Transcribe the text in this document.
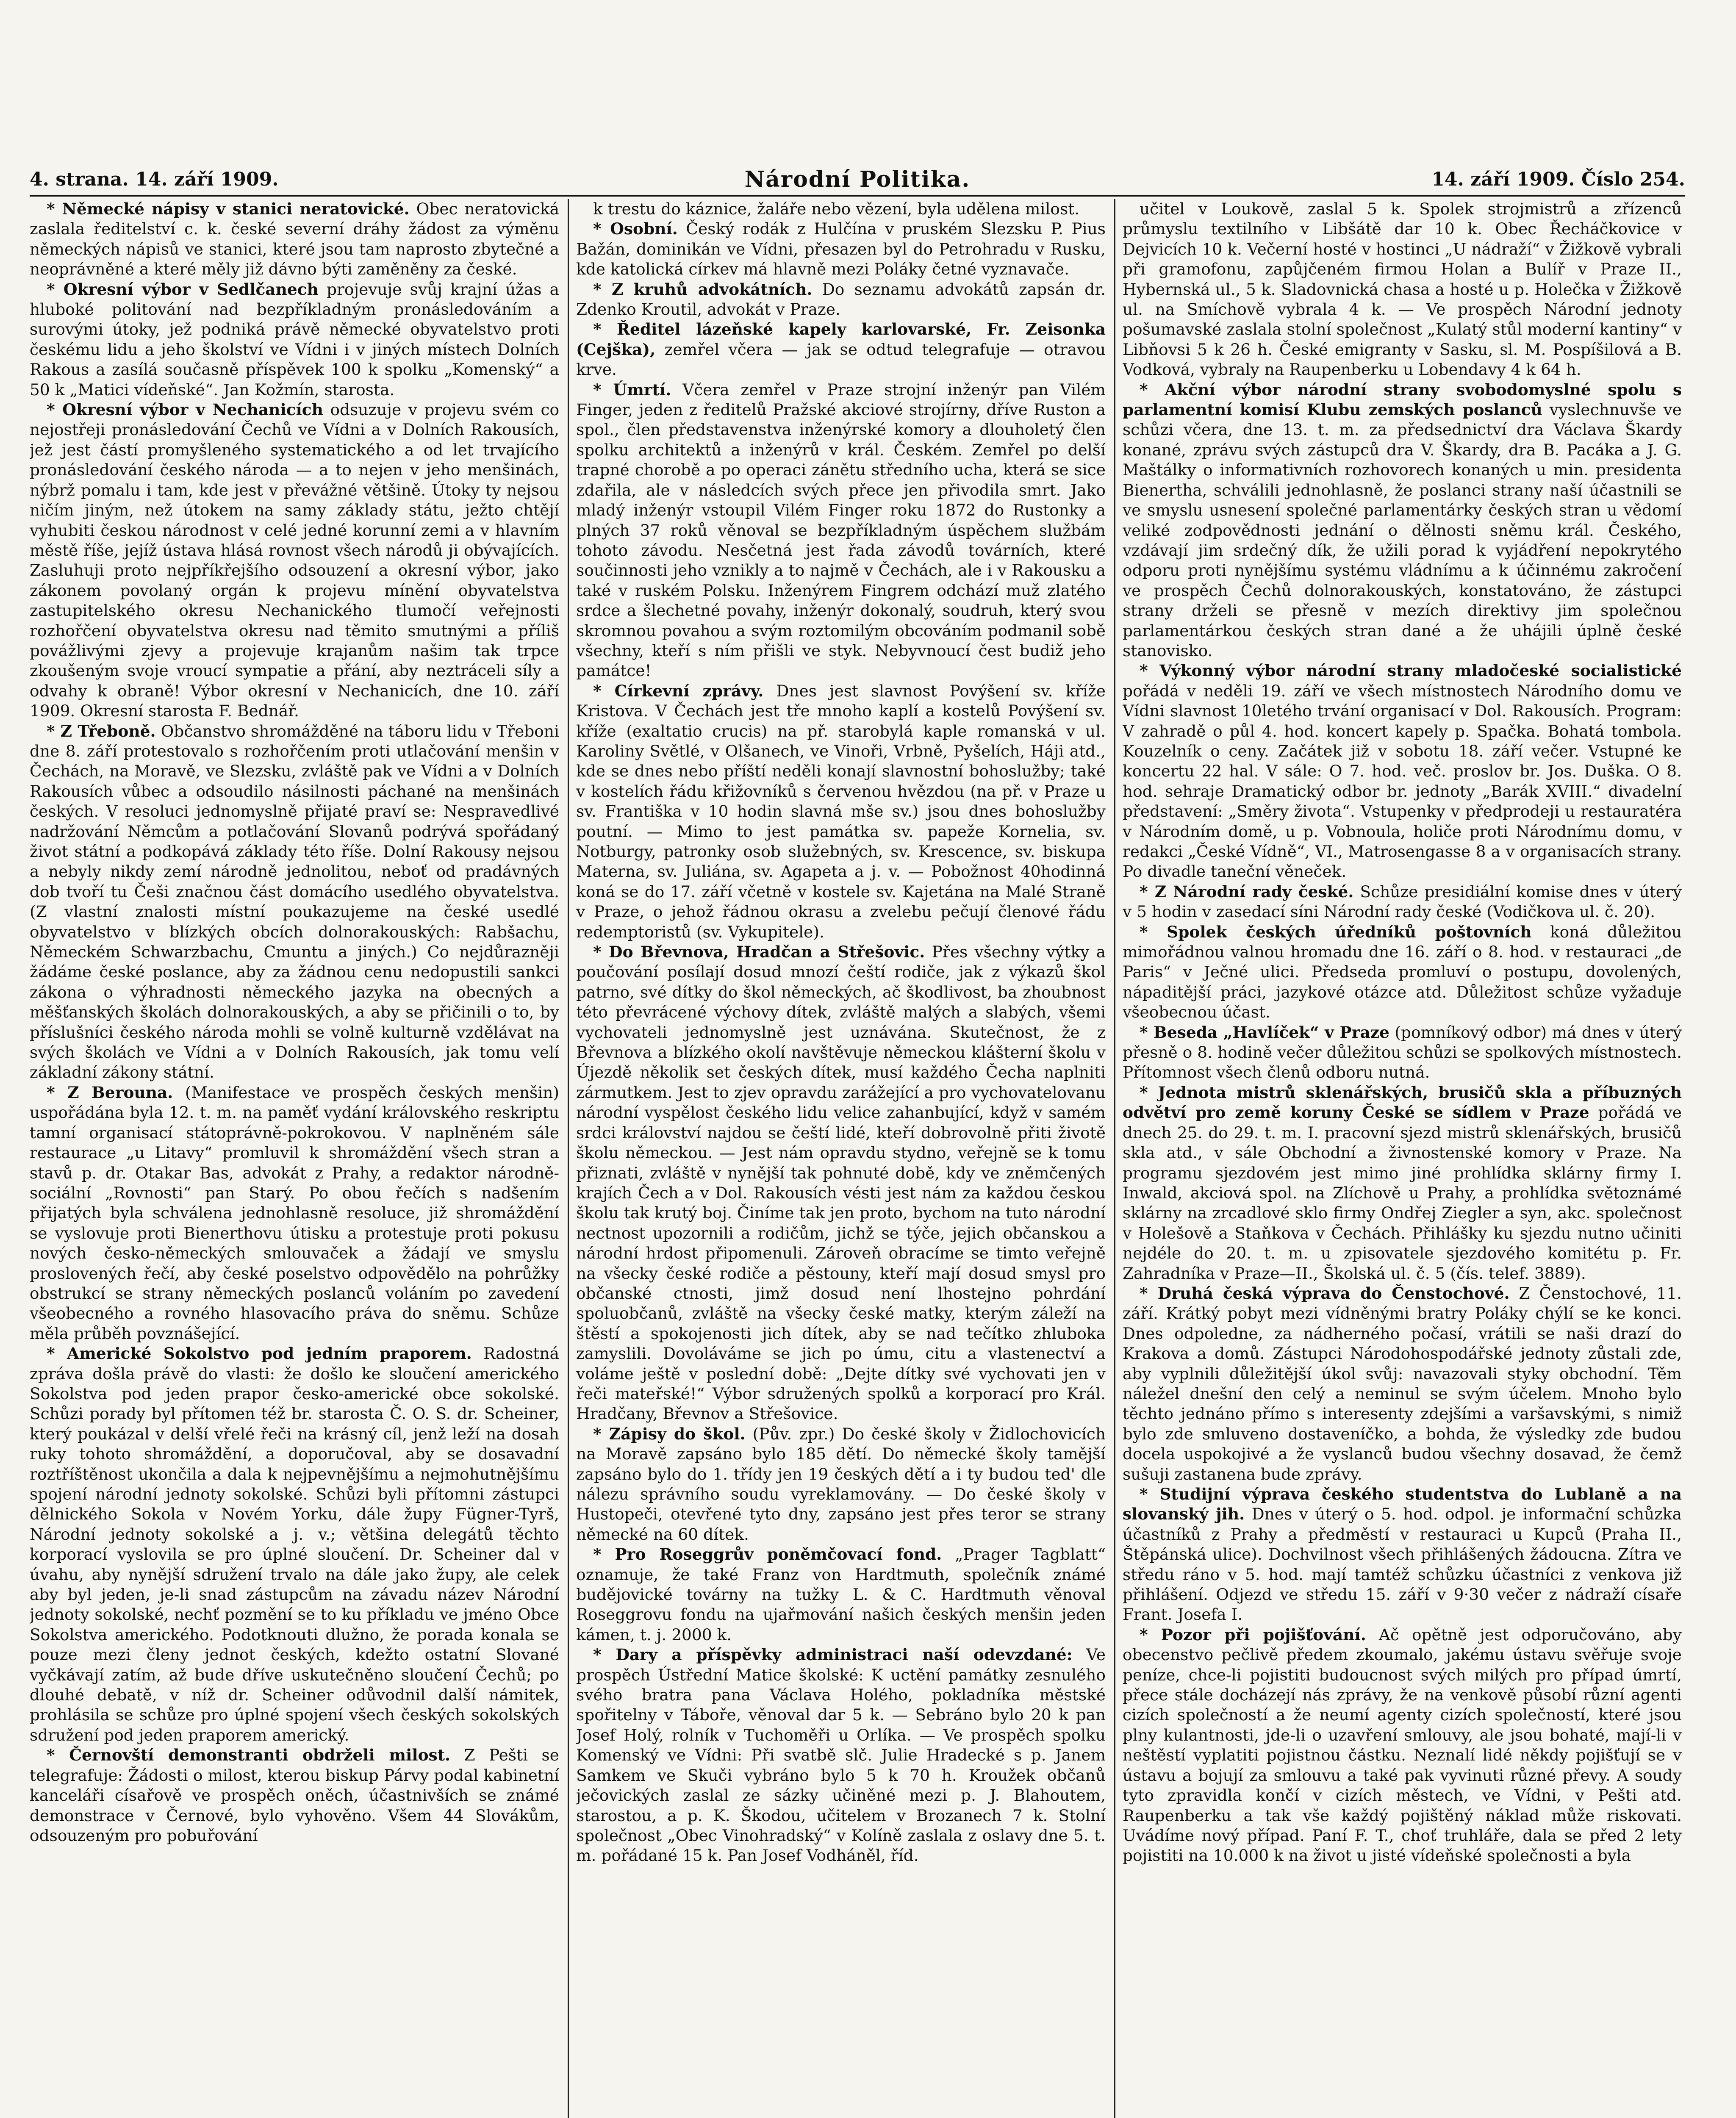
4. strana. 14. září 1909.	Národní Politika.	14. září 1909. Číslo 254.

* Německé nápisy v stanici neratovické. Obec neratovická zaslala ředitelství c. k. české severní dráhy žádost za výměnu německých nápisů ve stanici, které jsou tam naprosto zbytečné a neoprávněné a které měly již dávno býti zaměněny za české.

* Okresní výbor v Sedlčanech projevuje svůj krajní úžas a hluboké politování nad bezpříkladným pronásledováním a surovými útoky, jež podniká právě německé obyvatelstvo proti českému lidu a jeho školství ve Vídni i v jiných místech Dolních Rakous a zasílá současně příspěvek 100 k spolku „Komenský“ a 50 k „Matici vídeňské“. Jan Kožmín, starosta.

* Okresní výbor v Nechanicích odsuzuje v projevu svém co nejostřeji pronásledování Čechů ve Vídni a v Dolních Rakousích, jež jest částí promyšleného systematického a od let trvajícího pronásledování českého národa — a to nejen v jeho menšinách, nýbrž pomalu i tam, kde jest v převážné většině. Útoky ty nejsou ničím jiným, než útokem na samy základy státu, ježto chtějí vyhubiti českou národnost v celé jedné korunní zemi a v hlavním městě říše, jejíž ústava hlásá rovnost všech národů ji obývajících. Zasluhuji proto nejpříkřejšího odsouzení a okresní výbor, jako zákonem povolaný orgán k projevu mínění obyvatelstva zastupitelského okresu Nechanického tlumočí veřejnosti rozhořčení obyvatelstva okresu nad těmito smutnými a příliš povážlivými zjevy a projevuje krajanům našim tak trpce zkoušeným svoje vroucí sympatie a přání, aby neztráceli síly a odvahy k obraně! Výbor okresní v Nechanicích, dne 10. září 1909. Okresní starosta F. Bednář.

* Z Třeboně. Občanstvo shromážděné na táboru lidu v Třeboni dne 8. září protestovalo s rozhořčením proti utlačování menšin v Čechách, na Moravě, ve Slezsku, zvláště pak ve Vídni a v Dolních Rakousích vůbec a odsoudilo násilnosti páchané na menšinách českých. V resoluci jednomyslně přijaté praví se: Nespravedlivé nadržování Němcům a potlačování Slovanů podrývá spořádaný život státní a podkopává základy této říše. Dolní Rakousy nejsou a nebyly nikdy zemí národně jednolitou, neboť od pradávných dob tvoří tu Češi značnou část domácího usedlého obyvatelstva. (Z vlastní znalosti místní poukazujeme na české usedlé obyvatelstvo v blízkých obcích dolnorakouských: Rabšachu, Německém Schwarzbachu, Cmuntu a jiných.) Co nejdůrazněji žádáme české poslance, aby za žádnou cenu nedopustili sankci zákona o výhradnosti německého jazyka na obecných a měšťanských školách dolnorakouských, a aby se přičinili o to, by příslušníci českého národa mohli se volně kulturně vzdělávat na svých školách ve Vídni a v Dolních Rakousích, jak tomu velí základní zákony státní.

* Z Berouna. (Manifestace ve prospěch českých menšin) uspořádána byla 12. t. m. na paměť vydání královského reskriptu tamní organisací státoprávně-pokrokovou. V naplněném sále restaurace „u Litavy“ promluvil k shromáždění všech stran a stavů p. dr. Otakar Bas, advokát z Prahy, a redaktor národně-sociální „Rovnosti“ pan Starý. Po obou řečích s nadšením přijatých byla schválena jednohlasně resoluce, již shromáždění se vyslovuje proti Bienerthovu útisku a protestuje proti pokusu nových česko-německých smlouvaček a žádají ve smyslu proslovených řečí, aby české poselstvo odpovědělo na pohrůžky obstrukcí se strany německých poslanců voláním po zavedení všeobecného a rovného hlasovacího práva do sněmu. Schůze měla průběh povznášející.

* Americké Sokolstvo pod jedním praporem. Radostná zpráva došla právě do vlasti: že došlo ke sloučení amerického Sokolstva pod jeden prapor česko-americké obce sokolské. Schůzi porady byl přítomen též br. starosta Č. O. S. dr. Scheiner, který poukázal v delší vřelé řeči na krásný cíl, jenž leží na dosah ruky tohoto shromáždění, a doporučoval, aby se dosavadní roztříštěnost ukončila a dala k nejpevnějšímu a nejmohutnějšímu spojení národní jednoty sokolské. Schůzi byli přítomni zástupci dělnického Sokola v Novém Yorku, dále župy Fügner-Tyrš, Národní jednoty sokolské a j. v.; většina delegátů těchto korporací vyslovila se pro úplné sloučení. Dr. Scheiner dal v úvahu, aby nynější sdružení trvalo na dále jako župy, ale celek aby byl jeden, je-li snad zástupcům na závadu název Národní jednoty sokolské, nechť pozmění se to ku příkladu ve jméno Obce Sokolstva amerického. Podotknouti dlužno, že porada konala se pouze mezi členy jednot českých, kdežto ostatní Slované vyčkávají zatím, až bude dříve uskutečněno sloučení Čechů; po dlouhé debatě, v níž dr. Scheiner odůvodnil další námitek, prohlásila se schůze pro úplné spojení všech českých sokolských sdružení pod jeden praporem americký.

* Černovští demonstranti obdrželi milost. Z Pešti se telegrafuje: Žádosti o milost, kterou biskup Párvy podal kabinetní kanceláři císařově ve prospěch oněch, účastnivších se známé demonstrace v Černové, bylo vyhověno. Všem 44 Slovákům, odsouzeným pro pobuřování

k trestu do káznice, žaláře nebo vězení, byla udělena milost.

* Osobní. Český rodák z Hulčína v pruském Slezsku P. Pius Bažán, dominikán ve Vídni, přesazen byl do Petrohradu v Rusku, kde katolická církev má hlavně mezi Poláky četné vyznavače.

* Z kruhů advokátních. Do seznamu advokátů zapsán dr. Zdenko Kroutil, advokát v Praze.

* Ředitel lázeňské kapely karlovarské, Fr. Zeisonka (Cejška), zemřel včera — jak se odtud telegrafuje — otravou krve.

* Úmrtí. Včera zemřel v Praze strojní inženýr pan Vilém Finger, jeden z ředitelů Pražské akciové strojírny, dříve Ruston a spol., člen představenstva inženýrské komory a dlouholetý člen spolku architektů a inženýrů v král. Českém. Zemřel po delší trapné chorobě a po operaci zánětu středního ucha, která se sice zdařila, ale v následcích svých přece jen přivodila smrt. Jako mladý inženýr vstoupil Vilém Finger roku 1872 do Rustonky a plných 37 roků věnoval se bezpříkladným úspěchem službám tohoto závodu. Nesčetná jest řada závodů továrních, které součinnosti jeho vznikly a to najmě v Čechách, ale i v Rakousku a také v ruském Polsku. Inženýrem Fingrem odchází muž zlatého srdce a šlechetné povahy, inženýr dokonalý, soudruh, který svou skromnou povahou a svým roztomilým obcováním podmanil sobě všechny, kteří s ním přišli ve styk. Nebyvnoucí čest budiž jeho památce!

* Církevní zprávy. Dnes jest slavnost Povýšení sv. kříže Kristova. V Čechách jest tře mnoho kaplí a kostelů Povýšení sv. kříže (exaltatio crucis) na př. starobylá kaple romanská v ul. Karoliny Světlé, v Olšanech, ve Vinoři, Vrbně, Pyšelích, Háji atd., kde se dnes nebo příští neděli konají slavnostní bohoslužby; také v kostelích řádu křižovníků s červenou hvězdou (na př. v Praze u sv. Františka v 10 hodin slavná mše sv.) jsou dnes bohoslužby poutní. — Mimo to jest památka sv. papeže Kornelia, sv. Notburgy, patronky osob služebných, sv. Krescence, sv. biskupa Materna, sv. Juliána, sv. Agapeta a j. v. — Pobožnost 40hodinná koná se do 17. září včetně v kostele sv. Kajetána na Malé Straně v Praze, o jehož řádnou okrasu a zvelebu pečují členové řádu redemptoristů (sv. Vykupitele).

* Do Břevnova, Hradčan a Střešovic. Přes všechny výtky a poučování posílají dosud mnozí čeští rodiče, jak z výkazů škol patrno, své dítky do škol německých, ač škodlivost, ba zhoubnost této převrácené výchovy dítek, zvláště malých a slabých, všemi vychovateli jednomyslně jest uznávána. Skutečnost, že z Břevnova a blízkého okolí navštěvuje německou klášterní školu v Újezdě několik set českých dítek, musí každého Čecha naplniti zármutkem. Jest to zjev opravdu zarážející a pro vychovatelovanu národní vyspělost českého lidu velice zahanbující, když v samém srdci království najdou se čeští lidé, kteří dobrovolně přiti životě školu německou. — Jest nám opravdu stydno, veřejně se k tomu přiznati, zvláště v nynější tak pohnuté době, kdy ve zněmčených krajích Čech a v Dol. Rakousích vésti jest nám za každou českou školu tak krutý boj. Činíme tak jen proto, bychom na tuto národní nectnost upozornili a rodičům, jichž se týče, jejich občanskou a národní hrdost připomenuli. Zároveň obracíme se timto veřejně na všecky české rodiče a pěstouny, kteří mají dosud smysl pro občanské ctnosti, jimž dosud není lhostejno pohrdání spoluobčanů, zvláště na všecky české matky, kterým záleží na štěstí a spokojenosti jich dítek, aby se nad tečítko zhluboka zamyslili. Dovoláváme se jich po úmu, citu a vlastenectví a voláme ještě v poslední době: „Dejte dítky své vychovati jen v řeči mateřské!“ Výbor sdružených spolků a korporací pro Král. Hradčany, Břevnov a Střešovice.

* Zápisy do škol. (Pův. zpr.) Do české školy v Židlochovicích na Moravě zapsáno bylo 185 dětí. Do německé školy tamější zapsáno bylo do 1. třídy jen 19 českých dětí a i ty budou ted' dle nálezu správního soudu vyreklamovány. — Do české školy v Hustopeči, otevřené tyto dny, zapsáno jest přes teror se strany německé na 60 dítek.

* Pro Roseggrův poněmčovací fond. „Prager Tagblatt“ oznamuje, že také Franz von Hardtmuth, společník známé budějovické továrny na tužky L. & C. Hardtmuth věnoval Roseggrovu fondu na ujařmování našich českých menšin jeden kámen, t. j. 2000 k.

* Dary a příspěvky administraci naší odevzdané: Ve prospěch Ústřední Matice školské: K uctění památky zesnulého svého bratra pana Václava Holého, pokladníka městské spořitelny v Táboře, věnoval dar 5 k. — Sebráno bylo 20 k pan Josef Holý, rolník v Tuchoměři u Orlíka. — Ve prospěch spolku Komenský ve Vídni: Při svatbě slč. Julie Hradecké s p. Janem Samkem ve Skuči vybráno bylo 5 k 70 h. Kroužek občanů ječovických zaslal ze sázky učiněné mezi p. J. Blahoutem, starostou, a p. K. Škodou, učitelem v Brozanech 7 k. Stolní společnost „Obec Vinohradský“ v Kolíně zaslala z oslavy dne 5. t. m. pořádané 15 k. Pan Josef Vodháněl, říd.

učitel v Loukově, zaslal 5 k. Spolek strojmistrů a zřízenců průmyslu textilního v Libšátě dar 10 k. Obec Řecháčkovice v Dejvicích 10 k. Večerní hosté v hostinci „U nádraží“ v Žižkově vybrali při gramofonu, zapůjčeném firmou Holan a Bulíř v Praze II., Hybernská ul., 5 k. Sladovnická chasa a hosté u p. Holečka v Žižkově ul. na Smíchově vybrala 4 k. — Ve prospěch Národní jednoty pošumavské zaslala stolní společnost „Kulatý stůl moderní kantiny“ v Libňovsi 5 k 26 h. České emigranty v Sasku, sl. M. Pospíšilová a B. Vodková, vybraly na Raupenberku u Lobendavy 4 k 64 h.

* Akční výbor národní strany svobodomyslné spolu s parlamentní komisí Klubu zemských poslanců vyslechnuvše ve schůzi včera, dne 13. t. m. za předsednictví dra Václava Škardy konané, zprávu svých zástupců dra V. Škardy, dra B. Pacáka a J. G. Maštálky o informativních rozhovorech konaných u min. presidenta Bienertha, schválili jednohlasně, že poslanci strany naší účastnili se ve smyslu usnesení společné parlamentárky českých stran u vědomí veliké zodpovědnosti jednání o dělnosti sněmu král. Českého, vzdávají jim srdečný dík, že užili porad k vyjádření nepokrytého odporu proti nynějšímu systému vládnímu a k účinnému zakročení ve prospěch Čechů dolnorakouských, konstatováno, že zástupci strany drželi se přesně v mezích direktivy jim společnou parlamentárkou českých stran dané a že uhájili úplně české stanovisko.

* Výkonný výbor národní strany mladočeské socialistické pořádá v neděli 19. září ve všech místnostech Národního domu ve Vídni slavnost 10letého trvání organisací v Dol. Rakousích. Program: V zahradě o půl 4. hod. koncert kapely p. Spačka. Bohatá tombola. Kouzelník o ceny. Začátek již v sobotu 18. září večer. Vstupné ke koncertu 22 hal. V sále: O 7. hod. več. proslov br. Jos. Duška. O 8. hod. sehraje Dramatický odbor br. jednoty „Barák XVIII.“ divadelní představení: „Směry života“. Vstupenky v předprodeji u restauratéra v Národním domě, u p. Vobnoula, holiče proti Národnímu domu, v redakci „České Vídně“, VI., Matrosengasse 8 a v organisacích strany. Po divadle taneční věneček.

* Z Národní rady české. Schůze presidiální komise dnes v úterý v 5 hodin v zasedací síni Národní rady české (Vodičkova ul. č. 20).

* Spolek českých úředníků poštovních koná důležitou mimořádnou valnou hromadu dne 16. září o 8. hod. v restauraci „de Paris“ v Ječné ulici. Předseda promluví o postupu, dovolených, nápaditější práci, jazykové otázce atd. Důležitost schůze vyžaduje všeobecnou účast.

* Beseda „Havlíček“ v Praze (pomníkový odbor) má dnes v úterý přesně o 8. hodině večer důležitou schůzi se spolkových místnostech. Přítomnost všech členů odboru nutná.

* Jednota mistrů sklenářských, brusičů skla a příbuzných odvětví pro země koruny České se sídlem v Praze pořádá ve dnech 25. do 29. t. m. I. pracovní sjezd mistrů sklenářských, brusičů skla atd., v sále Obchodní a živnostenské komory v Praze. Na programu sjezdovém jest mimo jiné prohlídka sklárny firmy I. Inwald, akciová spol. na Zlíchově u Prahy, a prohlídka světoznámé sklárny na zrcadlové sklo firmy Ondřej Ziegler a syn, akc. společnost v Holešově a Staňkova v Čechách. Přihlášky ku sjezdu nutno učiniti nejdéle do 20. t. m. u zpisovatele sjezdového komitétu p. Fr. Zahradníka v Praze—II., Školská ul. č. 5 (čís. telef. 3889).

* Druhá česká výprava do Čenstochové. Z Čenstochové, 11. září. Krátký pobyt mezi vídněnými bratry Poláky chýlí se ke konci. Dnes odpoledne, za nádherného počasí, vrátili se naši drazí do Krakova a domů. Zástupci Národohospodářské jednoty zůstali zde, aby vyplnili důležitější úkol svůj: navazovali styky obchodní. Těm náležel dnešní den celý a neminul se svým účelem. Mnoho bylo těchto jednáno přímo s interesenty zdejšími a varšavskými, s nimiž bylo zde smluveno dostaveníčko, a bohda, že výsledky zde budou docela uspokojivé a že vyslanců budou všechny dosavad, že čemž sušuji zastanena bude zprávy.

* Studijní výprava českého studentstva do Lublaně a na slovanský jih. Dnes v úterý o 5. hod. odpol. je informační schůzka účastníků z Prahy a předměstí v restauraci u Kupců (Praha II., Štěpánská ulice). Dochvilnost všech přihlášených žádoucna. Zítra ve středu ráno v 5. hod. mají tamtéž schůzku účastníci z venkova již přihlášení. Odjezd ve středu 15. září v 9·30 večer z nádraží císaře Frant. Josefa I.

* Pozor při pojišťování. Ač opětně jest odporučováno, aby obecenstvo pečlivě předem zkoumalo, jakému ústavu svěřuje svoje peníze, chce-li pojistiti budoucnost svých milých pro případ úmrtí, přece stále docházejí nás zprávy, že na venkově působí různí agenti cizích společností a že neumí agenty cizích společností, které jsou plny kulantnosti, jde-li o uzavření smlouvy, ale jsou bohaté, mají-li v neštěstí vyplatiti pojistnou částku. Neznalí lidé někdy pojišťují se v ústavu a bojují za smlouvu a také pak vyvinuti různé převy. A soudy tyto zpravidla končí v cizích městech, ve Vídni, v Pešti atd. Raupenberku a tak vše každý pojištěný náklad může riskovati. Uvádíme nový případ. Paní F. T., choť truhláře, dala se před 2 lety pojistiti na 10.000 k na život u jisté vídeňské společnosti a byla
